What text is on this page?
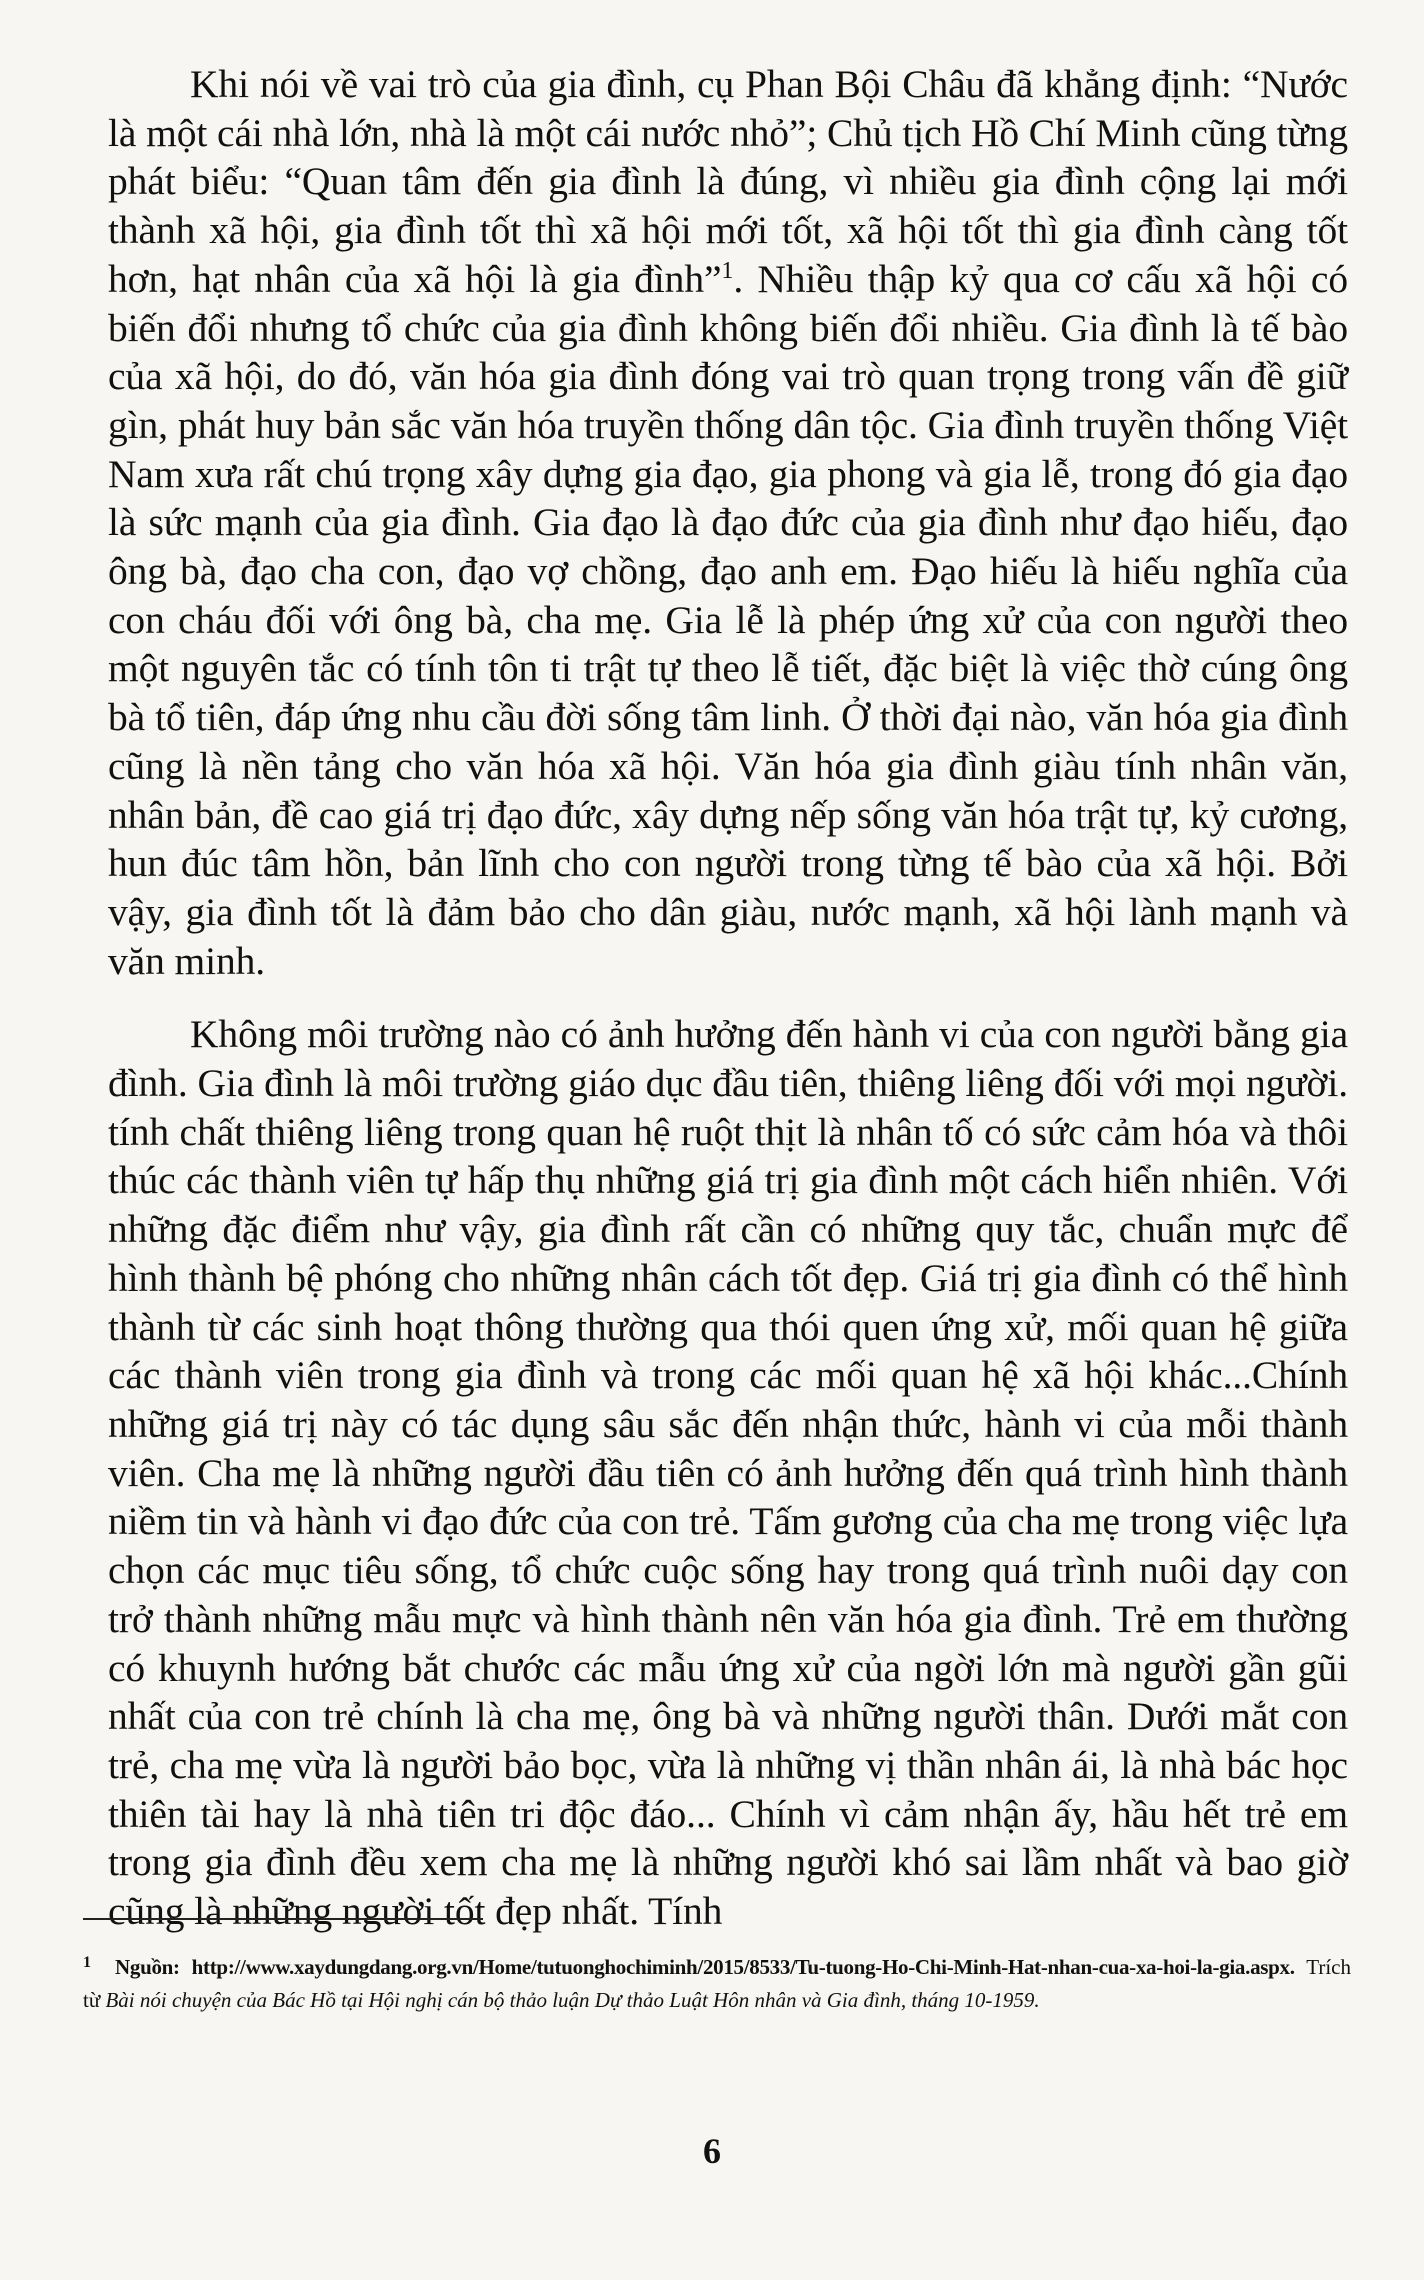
Khi nói về vai trò của gia đình, cụ Phan Bội Châu đã khẳng định: “Nước là một cái nhà lớn, nhà là một cái nước nhỏ”; Chủ tịch Hồ Chí Minh cũng từng phát biểu: “Quan tâm đến gia đình là đúng, vì nhiều gia đình cộng lại mới thành xã hội, gia đình tốt thì xã hội mới tốt, xã hội tốt thì gia đình càng tốt hơn, hạt nhân của xã hội là gia đình”$^1$. Nhiều thập kỷ qua cơ cấu xã hội có biến đổi nhưng tổ chức của gia đình không biến đổi nhiều. Gia đình là tế bào của xã hội, do đó, văn hóa gia đình đóng vai trò quan trọng trong vấn đề giữ gìn, phát huy bản sắc văn hóa truyền thống dân tộc. Gia đình truyền thống Việt Nam xưa rất chú trọng xây dựng gia đạo, gia phong và gia lễ, trong đó gia đạo là sức mạnh của gia đình. Gia đạo là đạo đức của gia đình như đạo hiếu, đạo ông bà, đạo cha con, đạo vợ chồng, đạo anh em. Đạo hiếu là hiếu nghĩa của con cháu đối với ông bà, cha mẹ. Gia lễ là phép ứng xử của con người theo một nguyên tắc có tính tôn ti trật tự theo lễ tiết, đặc biệt là việc thờ cúng ông bà tổ tiên, đáp ứng nhu cầu đời sống tâm linh. Ở thời đại nào, văn hóa gia đình cũng là nền tảng cho văn hóa xã hội. Văn hóa gia đình giàu tính nhân văn, nhân bản, đề cao giá trị đạo đức, xây dựng nếp sống văn hóa trật tự, kỷ cương, hun đúc tâm hồn, bản lĩnh cho con người trong từng tế bào của xã hội. Bởi vậy, gia đình tốt là đảm bảo cho dân giàu, nước mạnh, xã hội lành mạnh và văn minh.

Không môi trường nào có ảnh hưởng đến hành vi của con người bằng gia đình. Gia đình là môi trường giáo dục đầu tiên, thiêng liêng đối với mọi người. tính chất thiêng liêng trong quan hệ ruột thịt là nhân tố có sức cảm hóa và thôi thúc các thành viên tự hấp thụ những giá trị gia đình một cách hiển nhiên. Với những đặc điểm như vậy, gia đình rất cần có những quy tắc, chuẩn mực để hình thành bệ phóng cho những nhân cách tốt đẹp. Giá trị gia đình có thể hình thành từ các sinh hoạt thông thường qua thói quen ứng xử, mối quan hệ giữa các thành viên trong gia đình và trong các mối quan hệ xã hội khác...Chính những giá trị này có tác dụng sâu sắc đến nhận thức, hành vi của mỗi thành viên. Cha mẹ là những người đầu tiên có ảnh hưởng đến quá trình hình thành niềm tin và hành vi đạo đức của con trẻ. Tấm gương của cha mẹ trong việc lựa chọn các mục tiêu sống, tổ chức cuộc sống hay trong quá trình nuôi dạy con trở thành những mẫu mực và hình thành nên văn hóa gia đình. Trẻ em thường có khuynh hướng bắt chước các mẫu ứng xử của ngời lớn mà người gần gũi nhất của con trẻ chính là cha mẹ, ông bà và những người thân. Dưới mắt con trẻ, cha mẹ vừa là người bảo bọc, vừa là những vị thần nhân ái, là nhà bác học thiên tài hay là nhà tiên tri độc đáo... Chính vì cảm nhận ấy, hầu hết trẻ em trong gia đình đều xem cha mẹ là những người khó sai lầm nhất và bao giờ cũng là những người tốt đẹp nhất. Tính

1 Nguồn: http://www.xaydungdang.org.vn/Home/tutuonghochiminh/2015/8533/Tu-tuong-Ho-Chi-Minh-Hat-nhan-cua-xa-hoi-la-gia.aspx. Trích từ Bài nói chuyện của Bác Hồ tại Hội nghị cán bộ thảo luận Dự thảo Luật Hôn nhân và Gia đình, tháng 10-1959.
6
